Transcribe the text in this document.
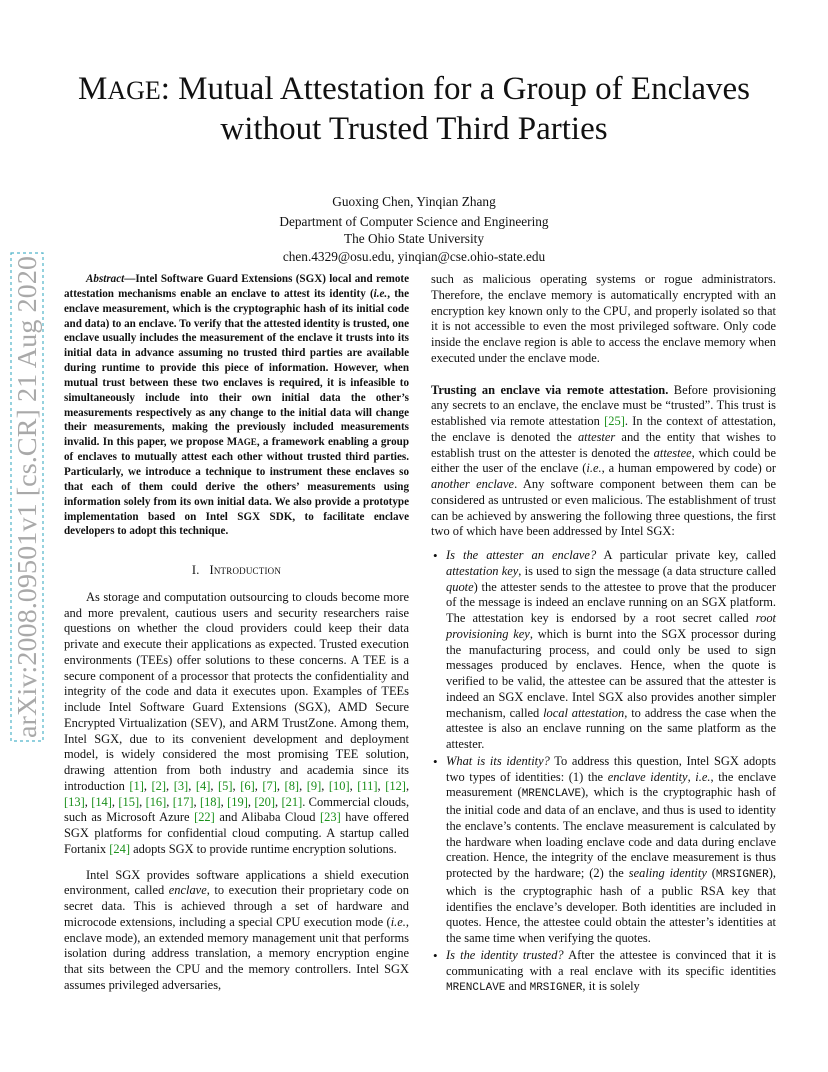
arXiv:2008.09501v1 [cs.CR] 21 Aug 2020
MAGE: Mutual Attestation for a Group of Enclaves
without Trusted Third Parties
Guoxing Chen, Yinqian Zhang
Department of Computer Science and Engineering
The Ohio State University
chen.4329@osu.edu, yinqian@cse.ohio-state.edu

Abstract—Intel Software Guard Extensions (SGX) local and remote attestation mechanisms enable an enclave to attest its identity (i.e., the enclave measurement, which is the cryptographic hash of its initial code and data) to an enclave. To verify that the attested identity is trusted, one enclave usually includes the measurement of the enclave it trusts into its initial data in advance assuming no trusted third parties are available during runtime to provide this piece of information. However, when mutual trust between these two enclaves is required, it is infeasible to simultaneously include into their own initial data the other’s measurements respectively as any change to the initial data will change their measurements, making the previously included measurements invalid. In this paper, we propose MAGE, a framework enabling a group of enclaves to mutually attest each other without trusted third parties. Particularly, we introduce a technique to instrument these enclaves so that each of them could derive the others’ measurements using information solely from its own initial data. We also provide a prototype implementation based on Intel SGX SDK, to facilitate enclave developers to adopt this technique.

I. Introduction

As storage and computation outsourcing to clouds become more and more prevalent, cautious users and security researchers raise questions on whether the cloud providers could keep their data private and execute their applications as expected. Trusted execution environments (TEEs) offer solutions to these concerns. A TEE is a secure component of a processor that protects the confidentiality and integrity of the code and data it executes upon. Examples of TEEs include Intel Software Guard Extensions (SGX), AMD Secure Encrypted Virtualization (SEV), and ARM TrustZone. Among them, Intel SGX, due to its convenient development and deployment model, is widely considered the most promising TEE solution, drawing attention from both industry and academia since its introduction [1], [2], [3], [4], [5], [6], [7], [8], [9], [10], [11], [12], [13], [14], [15], [16], [17], [18], [19], [20], [21]. Commercial clouds, such as Microsoft Azure [22] and Alibaba Cloud [23] have offered SGX platforms for confidential cloud computing. A startup called Fortanix [24] adopts SGX to provide runtime encryption solutions.

Intel SGX provides software applications a shield execution environment, called enclave, to execution their proprietary code on secret data. This is achieved through a set of hardware and microcode extensions, including a special CPU execution mode (i.e., enclave mode), an extended memory management unit that performs isolation during address translation, a memory encryption engine that sits between the CPU and the memory controllers. Intel SGX assumes privileged adversaries,

such as malicious operating systems or rogue administrators. Therefore, the enclave memory is automatically encrypted with an encryption key known only to the CPU, and properly isolated so that it is not accessible to even the most privileged software. Only code inside the enclave region is able to access the enclave memory when executed under the enclave mode.

Trusting an enclave via remote attestation. Before provisioning any secrets to an enclave, the enclave must be “trusted”. This trust is established via remote attestation [25]. In the context of attestation, the enclave is denoted the attester and the entity that wishes to establish trust on the attester is denoted the attestee, which could be either the user of the enclave (i.e., a human empowered by code) or another enclave. Any software component between them can be considered as untrusted or even malicious. The establishment of trust can be achieved by answering the following three questions, the first two of which have been addressed by Intel SGX:

• Is the attester an enclave? A particular private key, called attestation key, is used to sign the message (a data structure called quote) the attester sends to the attestee to prove that the producer of the message is indeed an enclave running on an SGX platform. The attestation key is endorsed by a root secret called root provisioning key, which is burnt into the SGX processor during the manufacturing process, and could only be used to sign messages produced by enclaves. Hence, when the quote is verified to be valid, the attestee can be assured that the attester is indeed an SGX enclave. Intel SGX also provides another simpler mechanism, called local attestation, to address the case when the attestee is also an enclave running on the same platform as the attester.
• What is its identity? To address this question, Intel SGX adopts two types of identities: (1) the enclave identity, i.e., the enclave measurement (MRENCLAVE), which is the cryptographic hash of the initial code and data of an enclave, and thus is used to identity the enclave’s contents. The enclave measurement is calculated by the hardware when loading enclave code and data during enclave creation. Hence, the integrity of the enclave measurement is thus protected by the hardware; (2) the sealing identity (MRSIGNER), which is the cryptographic hash of a public RSA key that identifies the enclave’s developer. Both identities are included in quotes. Hence, the attestee could obtain the attester’s identities at the same time when verifying the quotes.
• Is the identity trusted? After the attestee is convinced that it is communicating with a real enclave with its specific identities MRENCLAVE and MRSIGNER, it is solely
